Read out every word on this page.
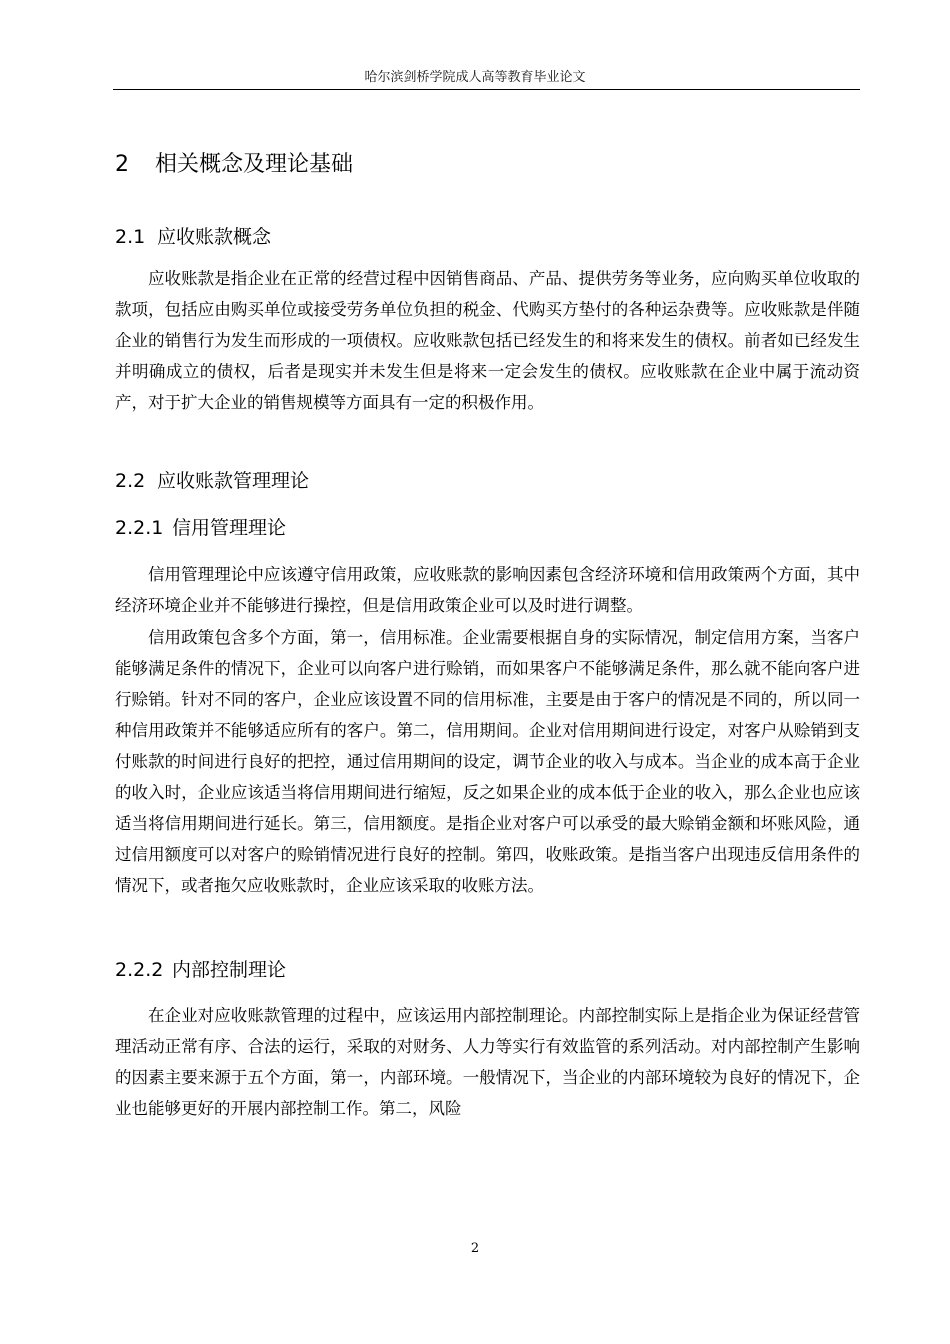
哈尔滨剑桥学院成人高等教育毕业论文
2 相关概念及理论基础
2.1 应收账款概念

应收账款是指企业在正常的经营过程中因销售商品、产品、提供劳务等业务，应向购买单位收取的款项，包括应由购买单位或接受劳务单位负担的税金、代购买方垫付的各种运杂费等。应收账款是伴随企业的销售行为发生而形成的一项债权。应收账款包括已经发生的和将来发生的债权。前者如已经发生并明确成立的债权，后者是现实并未发生但是将来一定会发生的债权。应收账款在企业中属于流动资产，对于扩大企业的销售规模等方面具有一定的积极作用。

2.2 应收账款管理理论
2.2.1 信用管理理论

信用管理理论中应该遵守信用政策，应收账款的影响因素包含经济环境和信用政策两个方面，其中经济环境企业并不能够进行操控，但是信用政策企业可以及时进行调整。

信用政策包含多个方面，第一，信用标准。企业需要根据自身的实际情况，制定信用方案，当客户能够满足条件的情况下，企业可以向客户进行赊销，而如果客户不能够满足条件，那么就不能向客户进行赊销。针对不同的客户，企业应该设置不同的信用标准，主要是由于客户的情况是不同的，所以同一种信用政策并不能够适应所有的客户。第二，信用期间。企业对信用期间进行设定，对客户从赊销到支付账款的时间进行良好的把控，通过信用期间的设定，调节企业的收入与成本。当企业的成本高于企业的收入时，企业应该适当将信用期间进行缩短，反之如果企业的成本低于企业的收入，那么企业也应该适当将信用期间进行延长。第三，信用额度。是指企业对客户可以承受的最大赊销金额和坏账风险，通过信用额度可以对客户的赊销情况进行良好的控制。第四，收账政策。是指当客户出现违反信用条件的情况下，或者拖欠应收账款时，企业应该采取的收账方法。

2.2.2 内部控制理论

在企业对应收账款管理的过程中，应该运用内部控制理论。内部控制实际上是指企业为保证经营管理活动正常有序、合法的运行，采取的对财务、人力等实行有效监管的系列活动。对内部控制产生影响的因素主要来源于五个方面，第一，内部环境。一般情况下，当企业的内部环境较为良好的情况下，企业也能够更好的开展内部控制工作。第二，风险

2
